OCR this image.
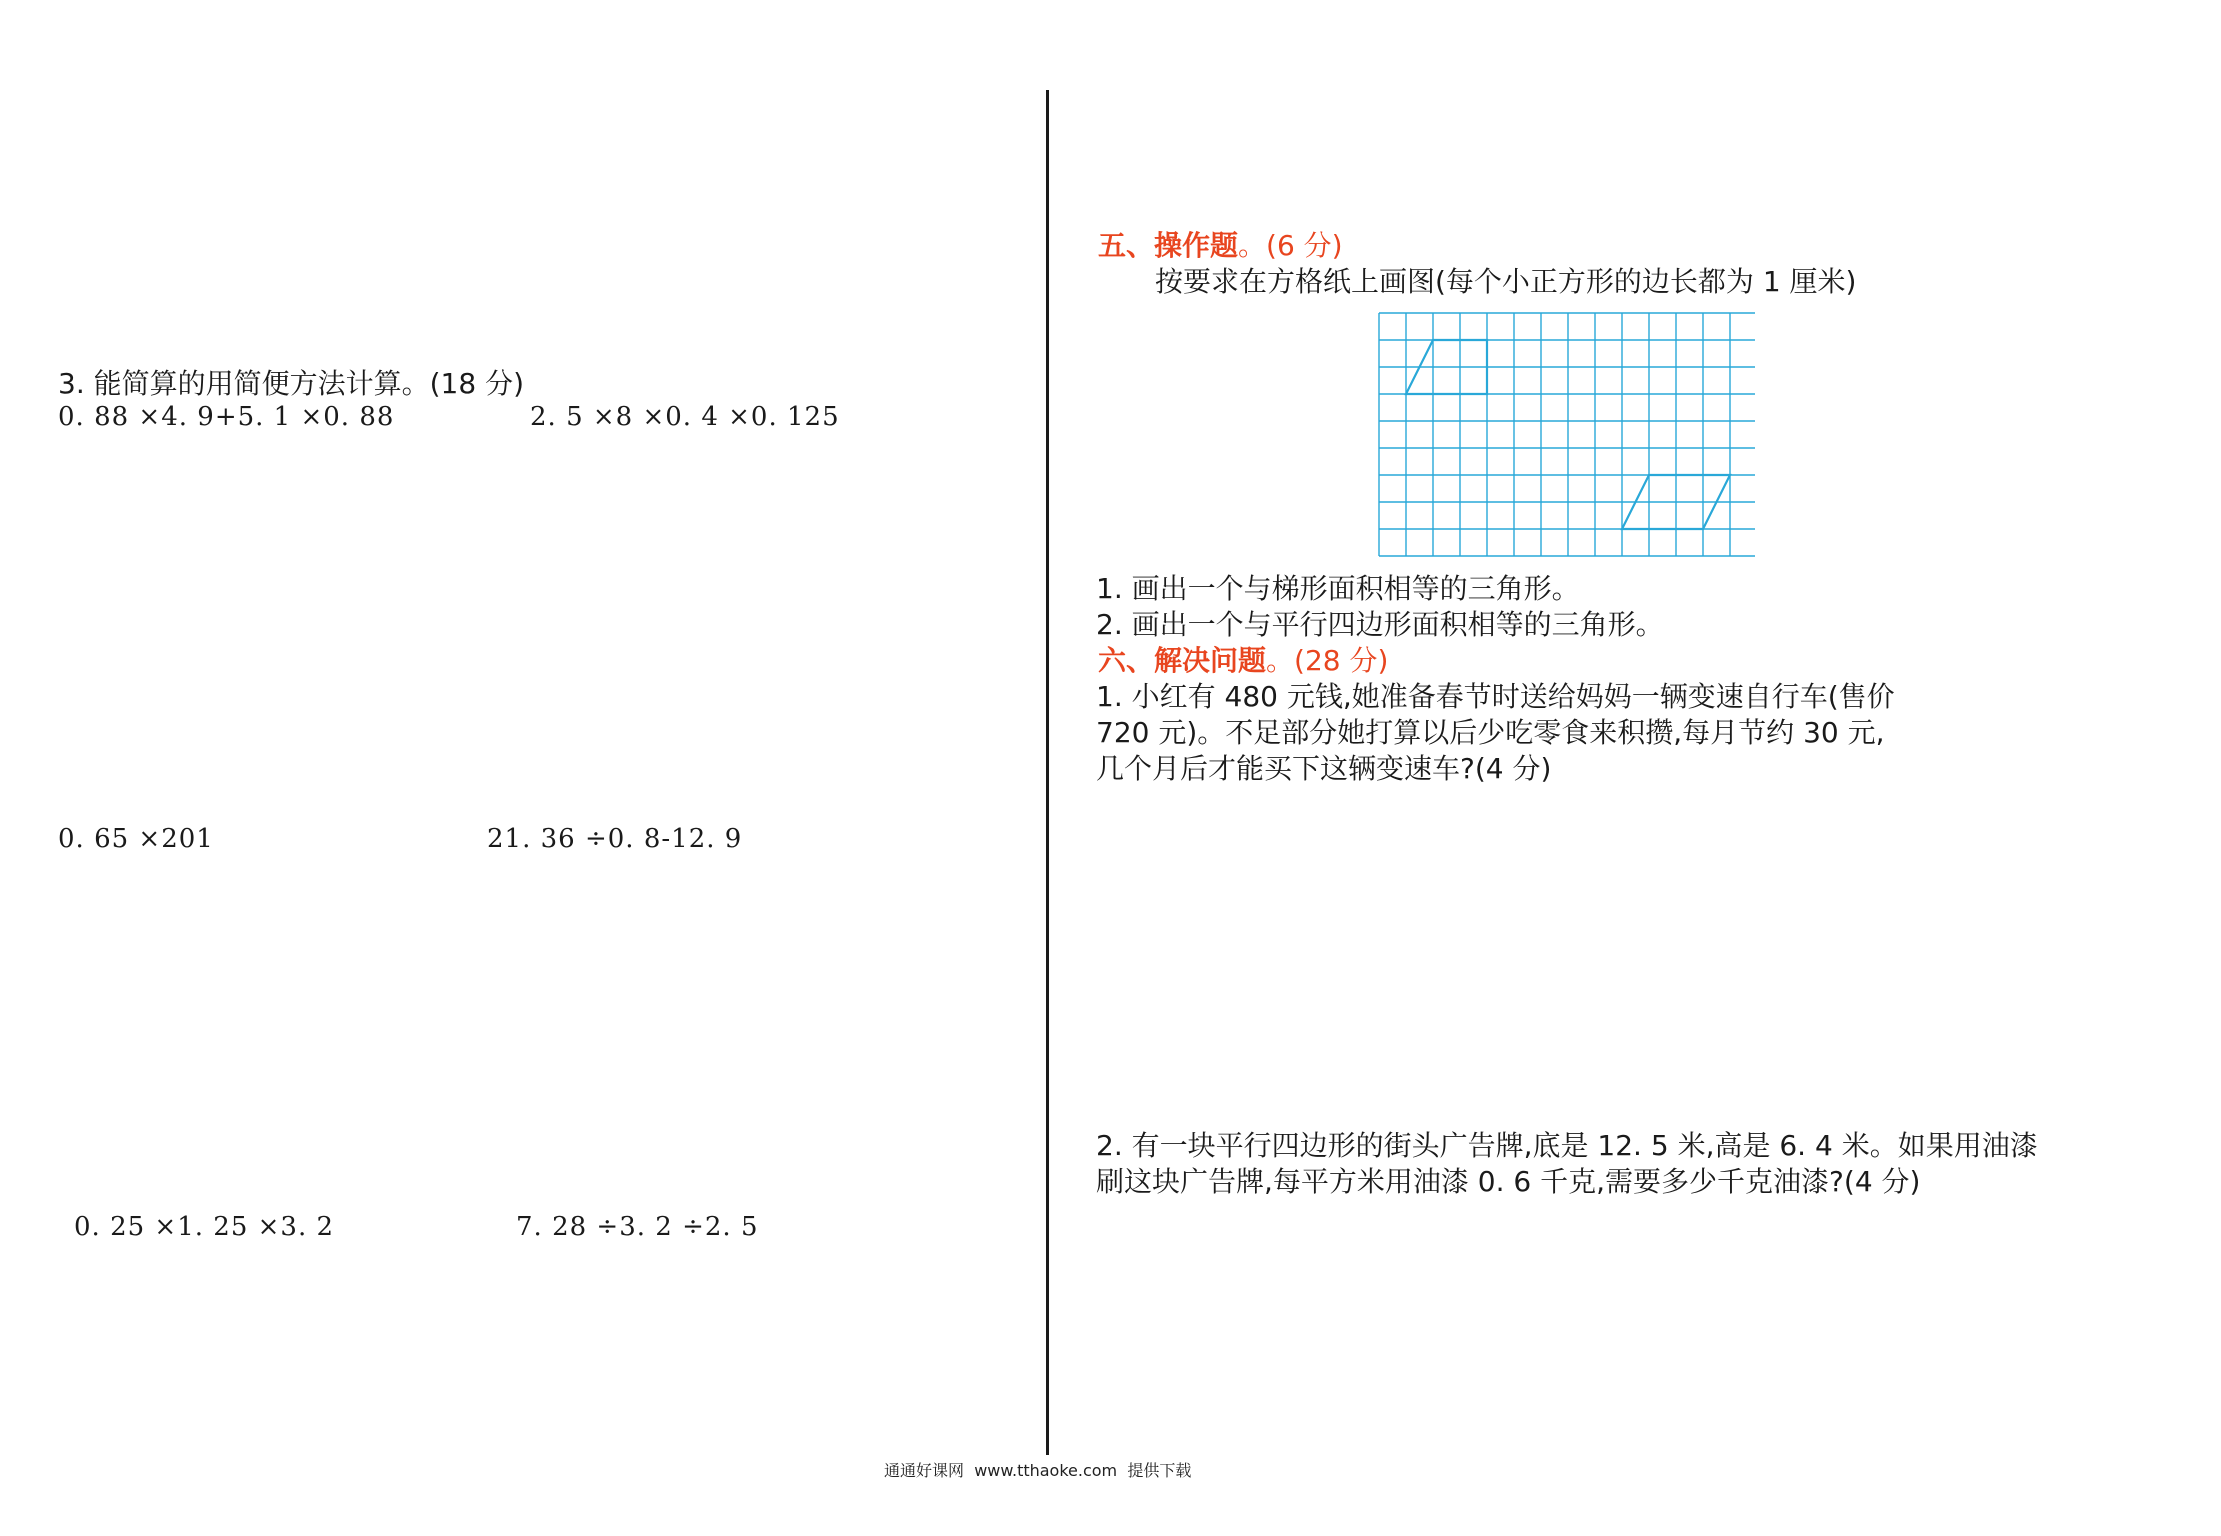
3. 能简算的用简便方法计算。(18 分)
0. 88 ×4. 9+5. 1 ×0. 88	2. 5 ×8 ×0. 4 ×0. 125
0. 65 ×201	21. 36 ÷0. 8-12. 9
0. 25 ×1. 25 ×3. 2	7. 28 ÷3. 2 ÷2. 5
五、操作题。(6 分)
按要求在方格纸上画图(每个小正方形的边长都为 1 厘米)
1. 画出一个与梯形面积相等的三角形。
2. 画出一个与平行四边形面积相等的三角形。
六、解决问题。(28 分)
1. 小红有 480 元钱,她准备春节时送给妈妈一辆变速自行车(售价
720 元)。不足部分她打算以后少吃零食来积攒,每月节约 30 元,
几个月后才能买下这辆变速车?(4 分)
2. 有一块平行四边形的街头广告牌,底是 12. 5 米,高是 6. 4 米。如果用油漆
刷这块广告牌,每平方米用油漆 0. 6 千克,需要多少千克油漆?(4 分)
通通好课网 www.tthaoke.com 提供下载
